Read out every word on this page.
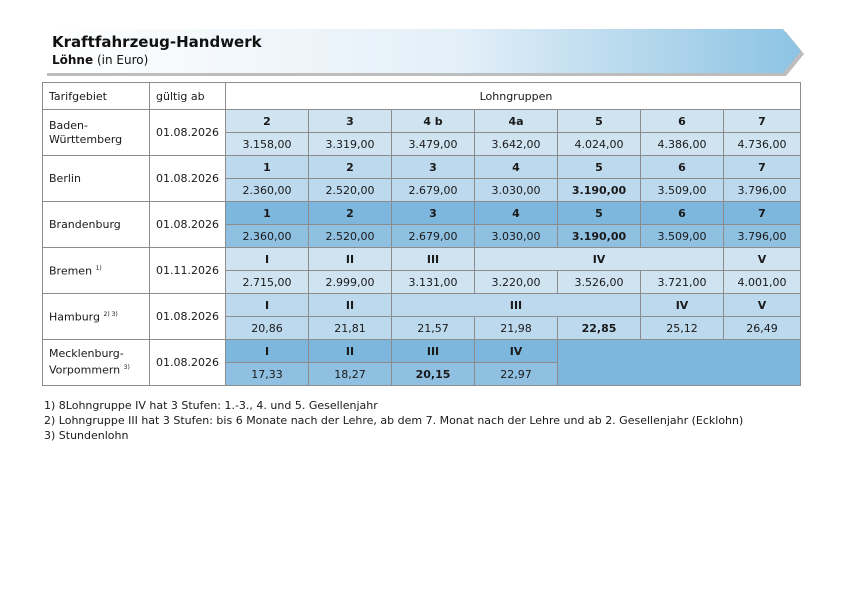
Kraftfahrzeug-Handwerk
Löhne (in Euro)
Tarifgebiet	gültig ab	Lohngruppen						
Baden-
Württemberg	01.08.2026	2	3	4 b	4a	5	6	7
		3.158,00	3.319,00	3.479,00	3.642,00	4.024,00	4.386,00	4.736,00
Berlin	01.08.2026	1	2	3	4	5	6	7
		2.360,00	2.520,00	2.679,00	3.030,00	3.190,00	3.509,00	3.796,00
Brandenburg	01.08.2026	1	2	3	4	5	6	7
		2.360,00	2.520,00	2.679,00	3.030,00	3.190,00	3.509,00	3.796,00
Bremen $^{1)}$	01.11.2026	I	II	III	IV			V
		2.715,00	2.999,00	3.131,00	3.220,00	3.526,00	3.721,00	4.001,00
Hamburg $^{2) 3)}$	01.08.2026	I	II	III			IV	V
		20,86	21,81	21,57	21,98	22,85	25,12	26,49
Mecklenburg-
Vorpommern $^{3)}$	01.08.2026	I	II	III	IV			
		17,33	18,27	20,15	22,97			
1) 8Lohngruppe IV hat 3 Stufen: 1.-3., 4. und 5. Gesellenjahr
2) Lohngruppe III hat 3 Stufen: bis 6 Monate nach der Lehre, ab dem 7. Monat nach der Lehre und ab 2. Gesellenjahr (Ecklohn)
3) Stundenlohn
